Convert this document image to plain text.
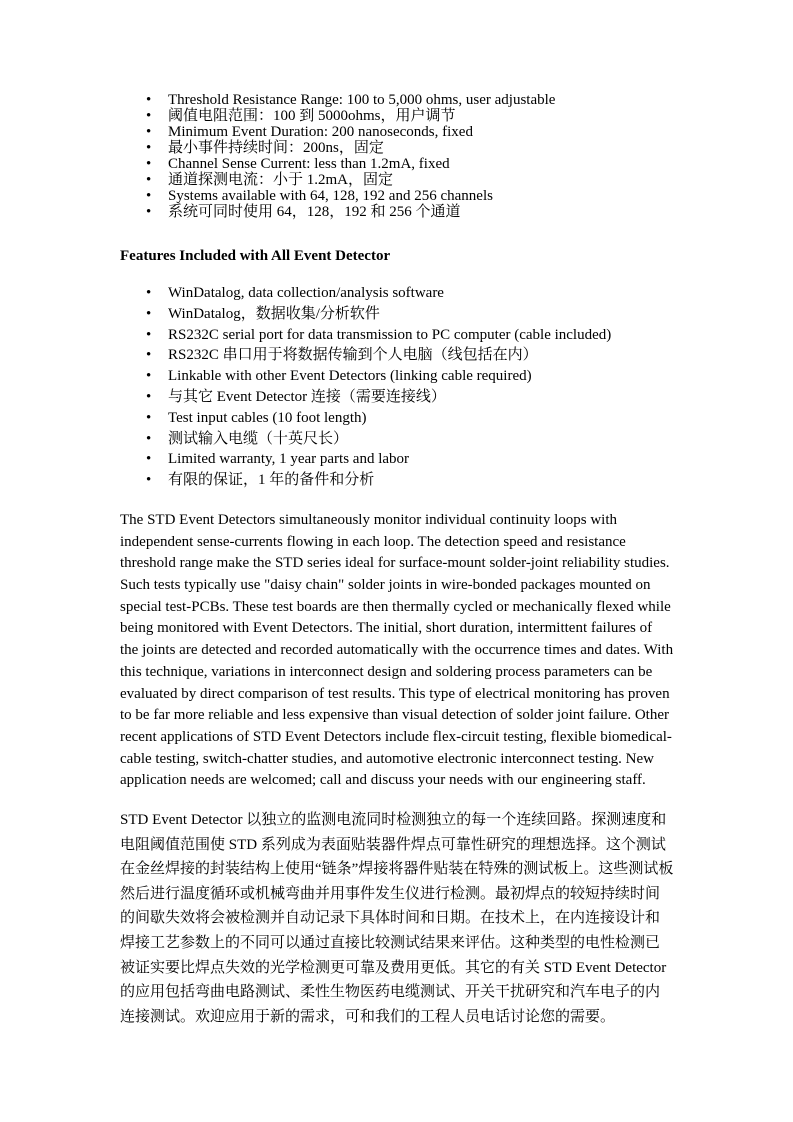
• Threshold Resistance Range: 100 to 5,000 ohms, user adjustable
• 阈值电阻范围：100 到 5000ohms，用户调节
• Minimum Event Duration: 200 nanoseconds, fixed
• 最小事件持续时间：200ns，固定
• Channel Sense Current: less than 1.2mA, fixed
• 通道探测电流：小于 1.2mA，固定
• Systems available with 64, 128, 192 and 256 channels
• 系统可同时使用 64，128，192 和 256 个通道

Features Included with All Event Detector

• WinDatalog, data collection/analysis software
• WinDatalog，数据收集/分析软件
• RS232C serial port for data transmission to PC computer (cable included)
• RS232C 串口用于将数据传输到个人电脑（线包括在内）
• Linkable with other Event Detectors (linking cable required)
• 与其它 Event Detector 连接（需要连接线）
• Test input cables (10 foot length)
• 测试输入电缆（十英尺长）
• Limited warranty, 1 year parts and labor
• 有限的保证，1 年的备件和分析

The STD Event Detectors simultaneously monitor individual continuity loops with independent sense-currents flowing in each loop. The detection speed and resistance threshold range make the STD series ideal for surface-mount solder-joint reliability studies. Such tests typically use "daisy chain" solder joints in wire-bonded packages mounted on special test-PCBs. These test boards are then thermally cycled or mechanically flexed while being monitored with Event Detectors. The initial, short duration, intermittent failures of the joints are detected and recorded automatically with the occurrence times and dates. With this technique, variations in interconnect design and soldering process parameters can be evaluated by direct comparison of test results. This type of electrical monitoring has proven to be far more reliable and less expensive than visual detection of solder joint failure. Other recent applications of STD Event Detectors include flex-circuit testing, flexible biomedical-cable testing, switch-chatter studies, and automotive electronic interconnect testing. New application needs are welcomed; call and discuss your needs with our engineering staff.

STD Event Detector 以独立的监测电流同时检测独立的每一个连续回路。探测速度和电阻阈值范围使 STD 系列成为表面贴装器件焊点可靠性研究的理想选择。这个测试在金丝焊接的封装结构上使用“链条”焊接将器件贴装在特殊的测试板上。这些测试板然后进行温度循环或机械弯曲并用事件发生仪进行检测。最初焊点的较短持续时间的间歇失效将会被检测并自动记录下具体时间和日期。在技术上，在内连接设计和焊接工艺参数上的不同可以通过直接比较测试结果来评估。这种类型的电性检测已被证实要比焊点失效的光学检测更可靠及费用更低。其它的有关 STD Event Detector 的应用包括弯曲电路测试、柔性生物医药电缆测试、开关干扰研究和汽车电子的内连接测试。欢迎应用于新的需求，可和我们的工程人员电话讨论您的需要。
